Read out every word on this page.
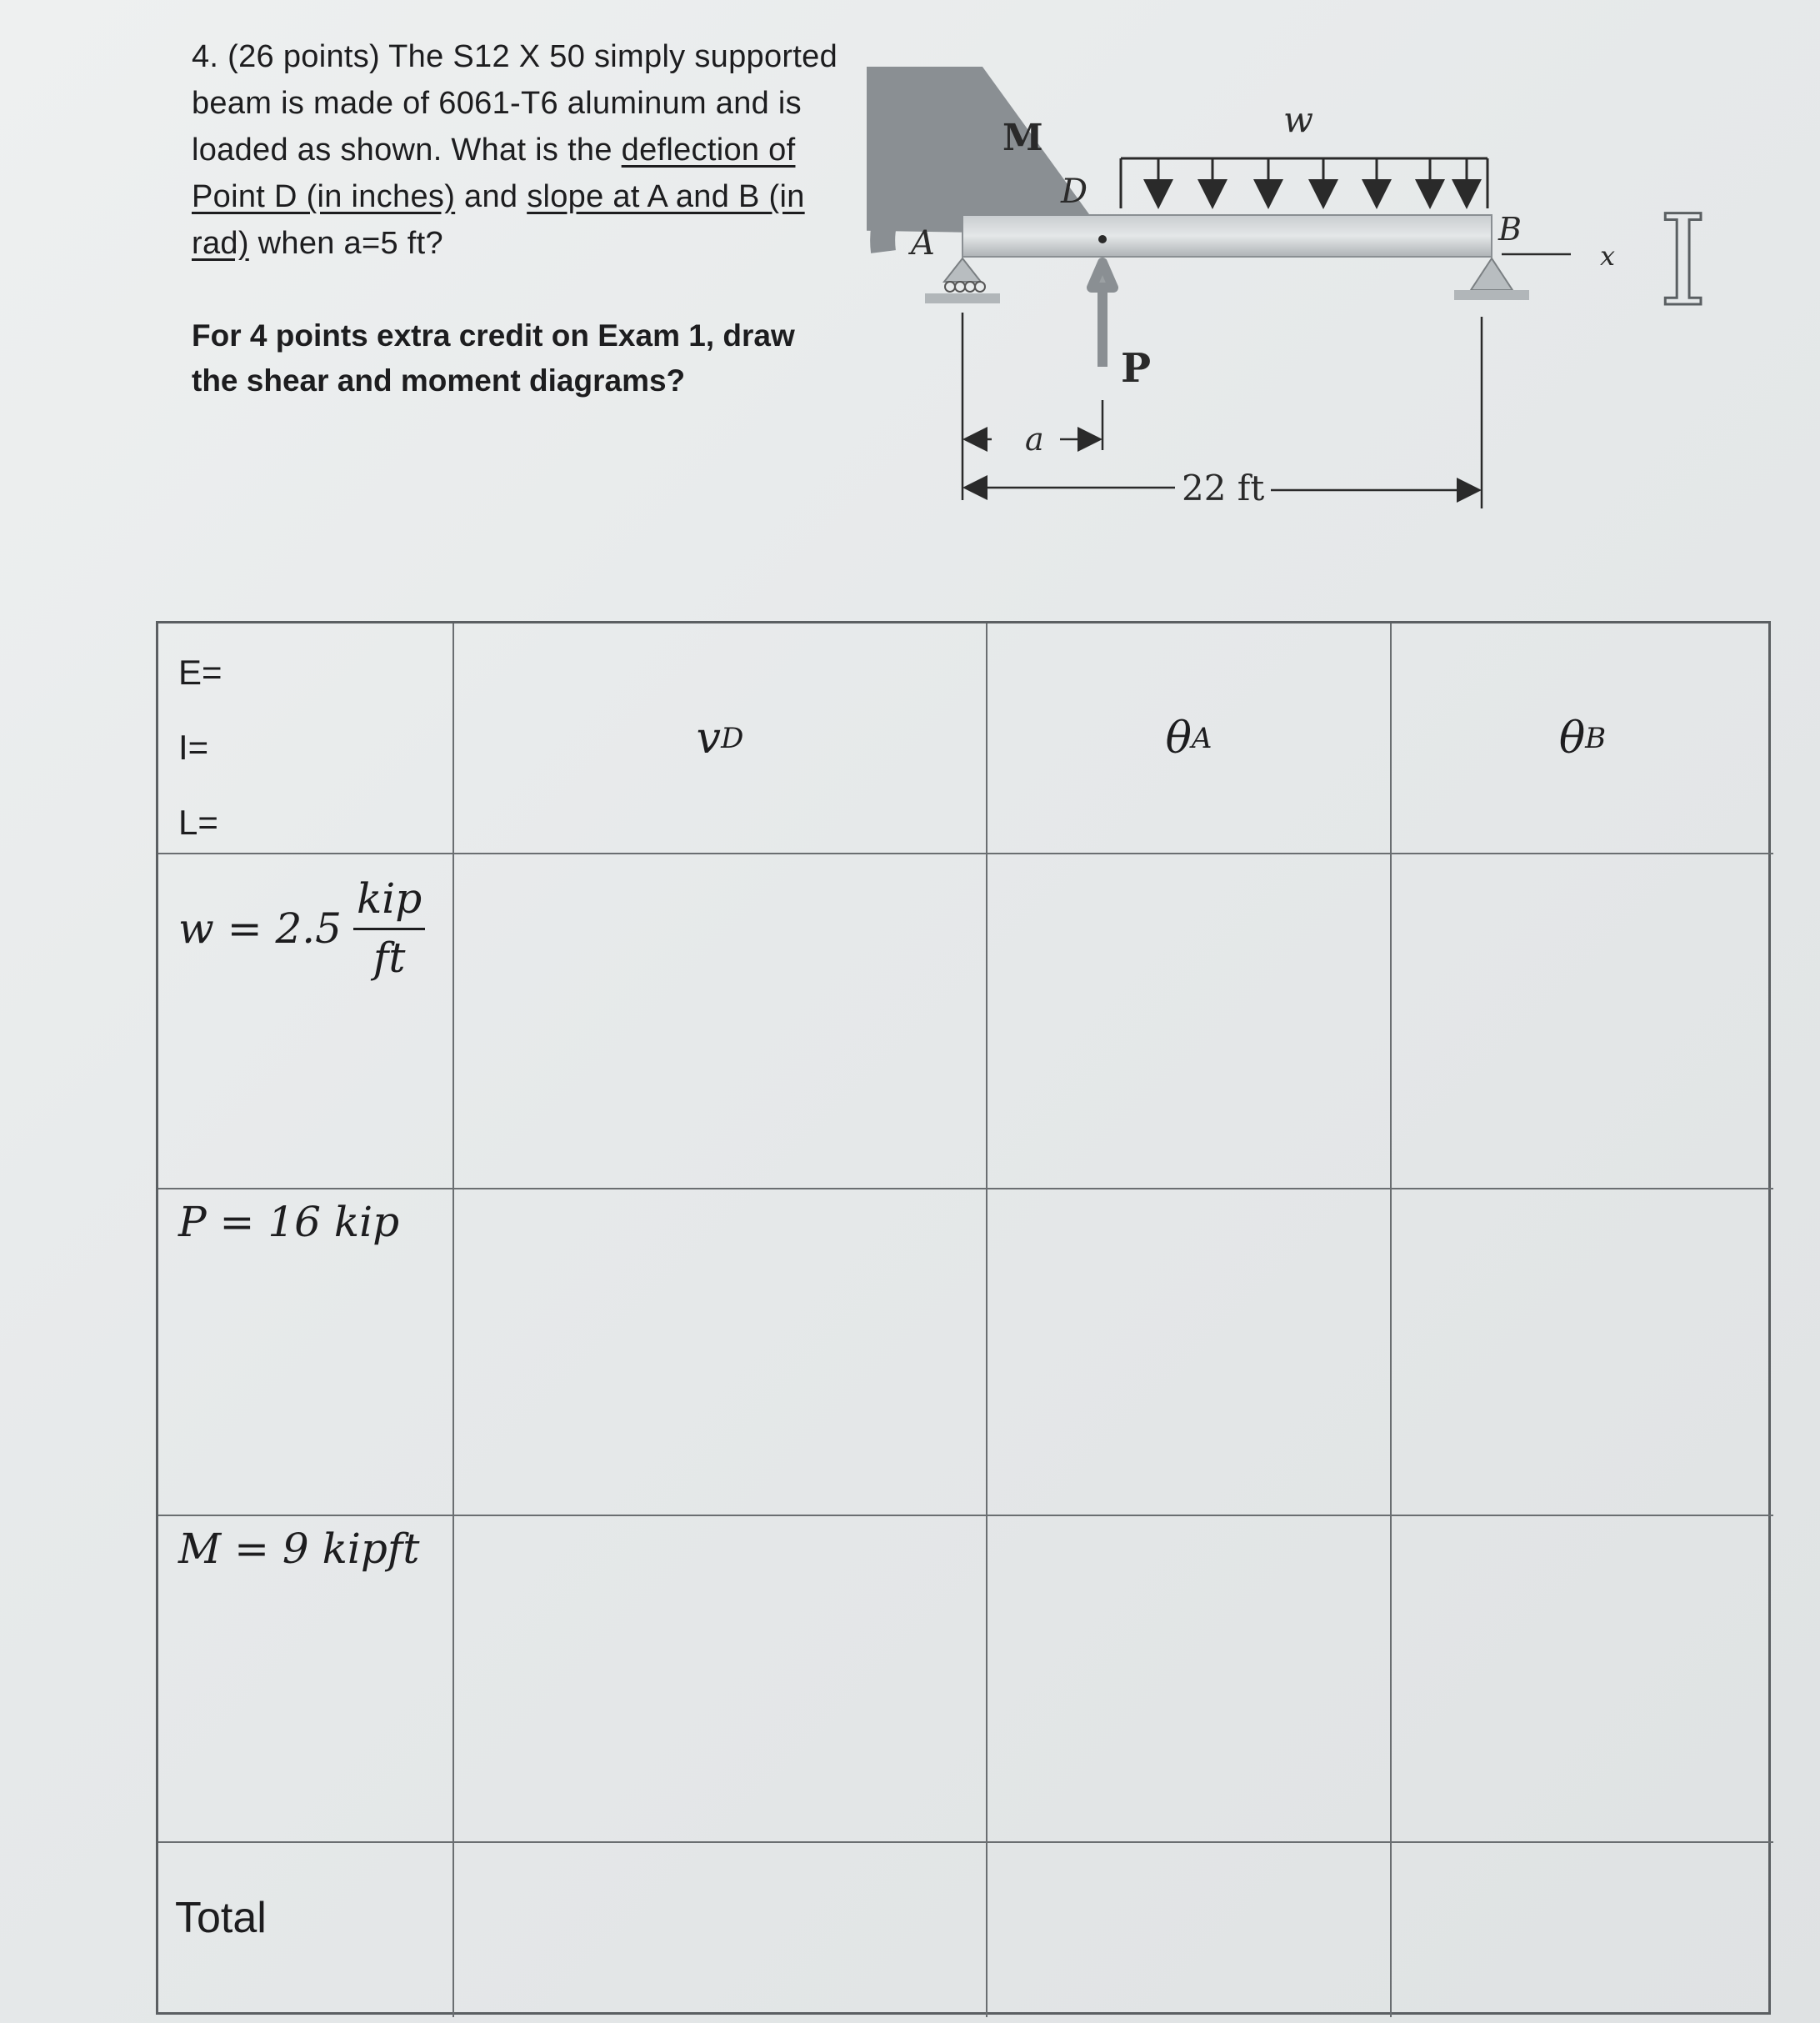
4. (26 points) The S12 X 50 simply supported beam is made of 6061-T6 aluminum and is loaded as shown. What is the deflection of Point D (in inches) and slope at A and B (in rad) when a=5 ft?

For 4 points extra credit on Exam 1, draw

the shear and moment diagrams?

y
M	w
D
A	B
x
P
a
22 ft
I
E=
I=
L=
v D	θ A	θ B
$w = 2.5 \frac{\text{kip}}{ft}$
P = 16 kip
M = 9 kipft
Total
